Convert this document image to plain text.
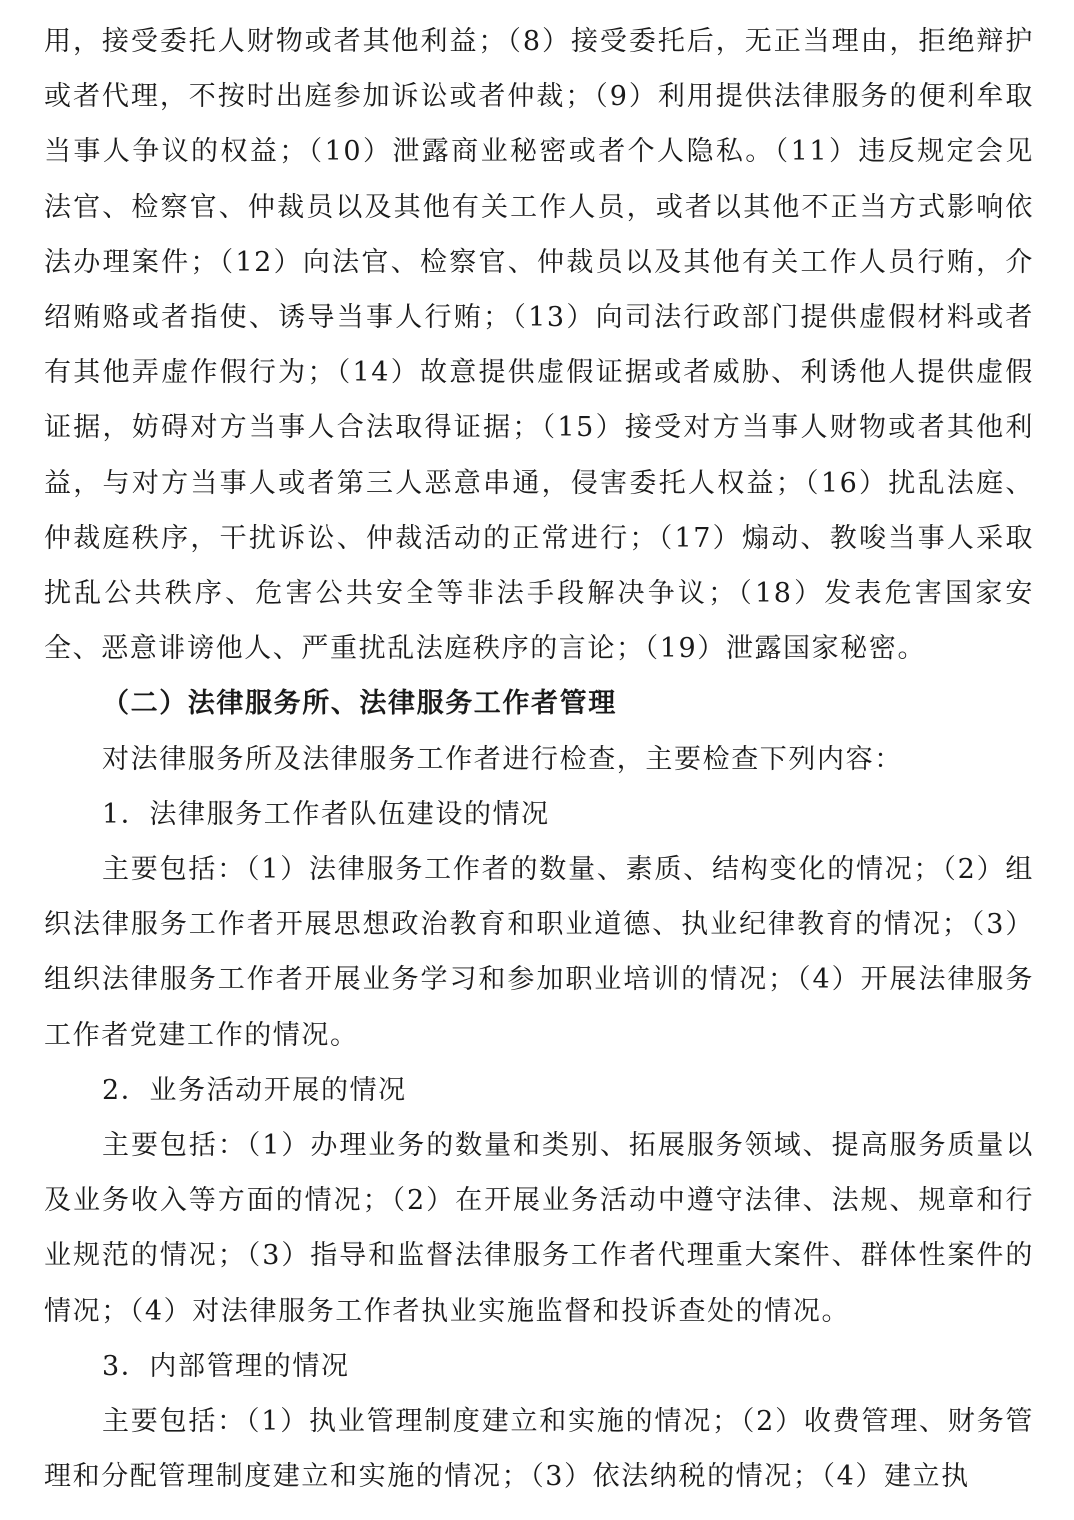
用，接受委托人财物或者其他利益；（8）接受委托后，无正当理由，拒绝辩护或者代理，不按时出庭参加诉讼或者仲裁；（9）利用提供法律服务的便利牟取当事人争议的权益；（10）泄露商业秘密或者个人隐私。（11）违反规定会见法官、检察官、仲裁员以及其他有关工作人员，或者以其他不正当方式影响依法办理案件；（12）向法官、检察官、仲裁员以及其他有关工作人员行贿，介绍贿赂或者指使、诱导当事人行贿；（13）向司法行政部门提供虚假材料或者有其他弄虚作假行为；（14）故意提供虚假证据或者威胁、利诱他人提供虚假证据，妨碍对方当事人合法取得证据；（15）接受对方当事人财物或者其他利益，与对方当事人或者第三人恶意串通，侵害委托人权益；（16）扰乱法庭、仲裁庭秩序，干扰诉讼、仲裁活动的正常进行；（17）煽动、教唆当事人采取扰乱公共秩序、危害公共安全等非法手段解决争议；（18）发表危害国家安全、恶意诽谤他人、严重扰乱法庭秩序的言论；（19）泄露国家秘密。

（二）法律服务所、法律服务工作者管理

对法律服务所及法律服务工作者进行检查，主要检查下列内容：

1．法律服务工作者队伍建设的情况

主要包括：（1）法律服务工作者的数量、素质、结构变化的情况；（2）组织法律服务工作者开展思想政治教育和职业道德、执业纪律教育的情况；（3）组织法律服务工作者开展业务学习和参加职业培训的情况；（4）开展法律服务工作者党建工作的情况。

2．业务活动开展的情况

主要包括：（1）办理业务的数量和类别、拓展服务领域、提高服务质量以及业务收入等方面的情况；（2）在开展业务活动中遵守法律、法规、规章和行业规范的情况；（3）指导和监督法律服务工作者代理重大案件、群体性案件的情况；（4）对法律服务工作者执业实施监督和投诉查处的情况。

3．内部管理的情况

主要包括：（1）执业管理制度建立和实施的情况；（2）收费管理、财务管理和分配管理制度建立和实施的情况；（3）依法纳税的情况；（4）建立执
